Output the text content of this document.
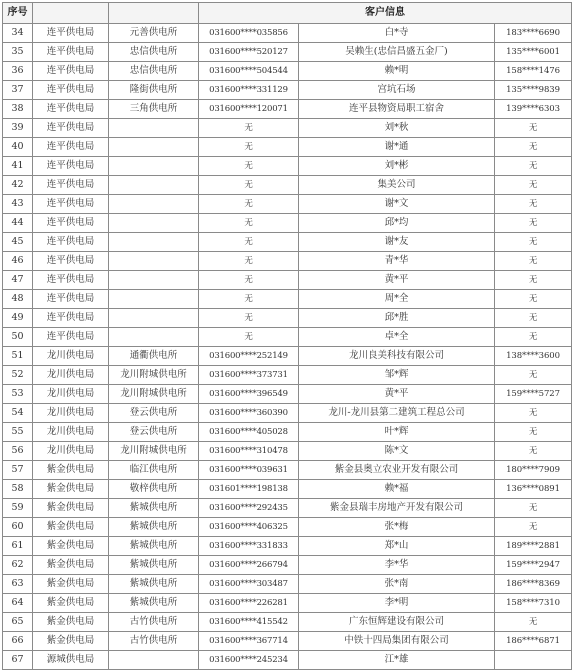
序号			客户信息		
34	连平供电局	元善供电所	031600****035856	白*寺	183****6690
35	连平供电局	忠信供电所	031600****520127	吴赖生(忠信昌盛五金厂)	135****6001
36	连平供电局	忠信供电所	031600****504544	赖*明	158****1476
37	连平供电局	隆街供电所	031600****331129	宫坑石场	135****9839
38	连平供电局	三角供电所	031600****120071	连平县物资局职工宿舍	139****6303
39	连平供电局		无	刘*秋	无
40	连平供电局		无	谢*通	无
41	连平供电局		无	刘*彬	无
42	连平供电局		无	集美公司	无
43	连平供电局		无	谢*文	无
44	连平供电局		无	邱*均	无
45	连平供电局		无	谢*友	无
46	连平供电局		无	青*华	无
47	连平供电局		无	黄*平	无
48	连平供电局		无	周*全	无
49	连平供电局		无	邱*胜	无
50	连平供电局		无	卓*全	无
51	龙川供电局	通衢供电所	031600****252149	龙川良美科技有限公司	138****3600
52	龙川供电局	龙川附城供电所	031600****373731	邹*辉	无
53	龙川供电局	龙川附城供电所	031600****396549	黄*平	159****5727
54	龙川供电局	登云供电所	031600****360390	龙川-龙川县第二建筑工程总公司	无
55	龙川供电局	登云供电所	031600****405028	叶*辉	无
56	龙川供电局	龙川附城供电所	031600****310478	陈*文	无
57	紫金供电局	临江供电所	031600****039631	紫金县奥立农业开发有限公司	180****7909
58	紫金供电局	敬梓供电所	031601****198138	赖*福	136****0891
59	紫金供电局	紫城供电所	031600****292435	紫金县瑞丰房地产开发有限公司	无
60	紫金供电局	紫城供电所	031600****406325	张*梅	无
61	紫金供电局	紫城供电所	031600****331833	郑*山	189****2881
62	紫金供电局	紫城供电所	031600****266794	李*华	159****2947
63	紫金供电局	紫城供电所	031600****303487	张*南	186****8369
64	紫金供电局	紫城供电所	031600****226281	李*明	158****7310
65	紫金供电局	古竹供电所	031600****415542	广东恒辉建设有限公司	无
66	紫金供电局	古竹供电所	031600****367714	中铁十四局集团有限公司	186****6871
67	源城供电局		031600****245234	江*雄	
